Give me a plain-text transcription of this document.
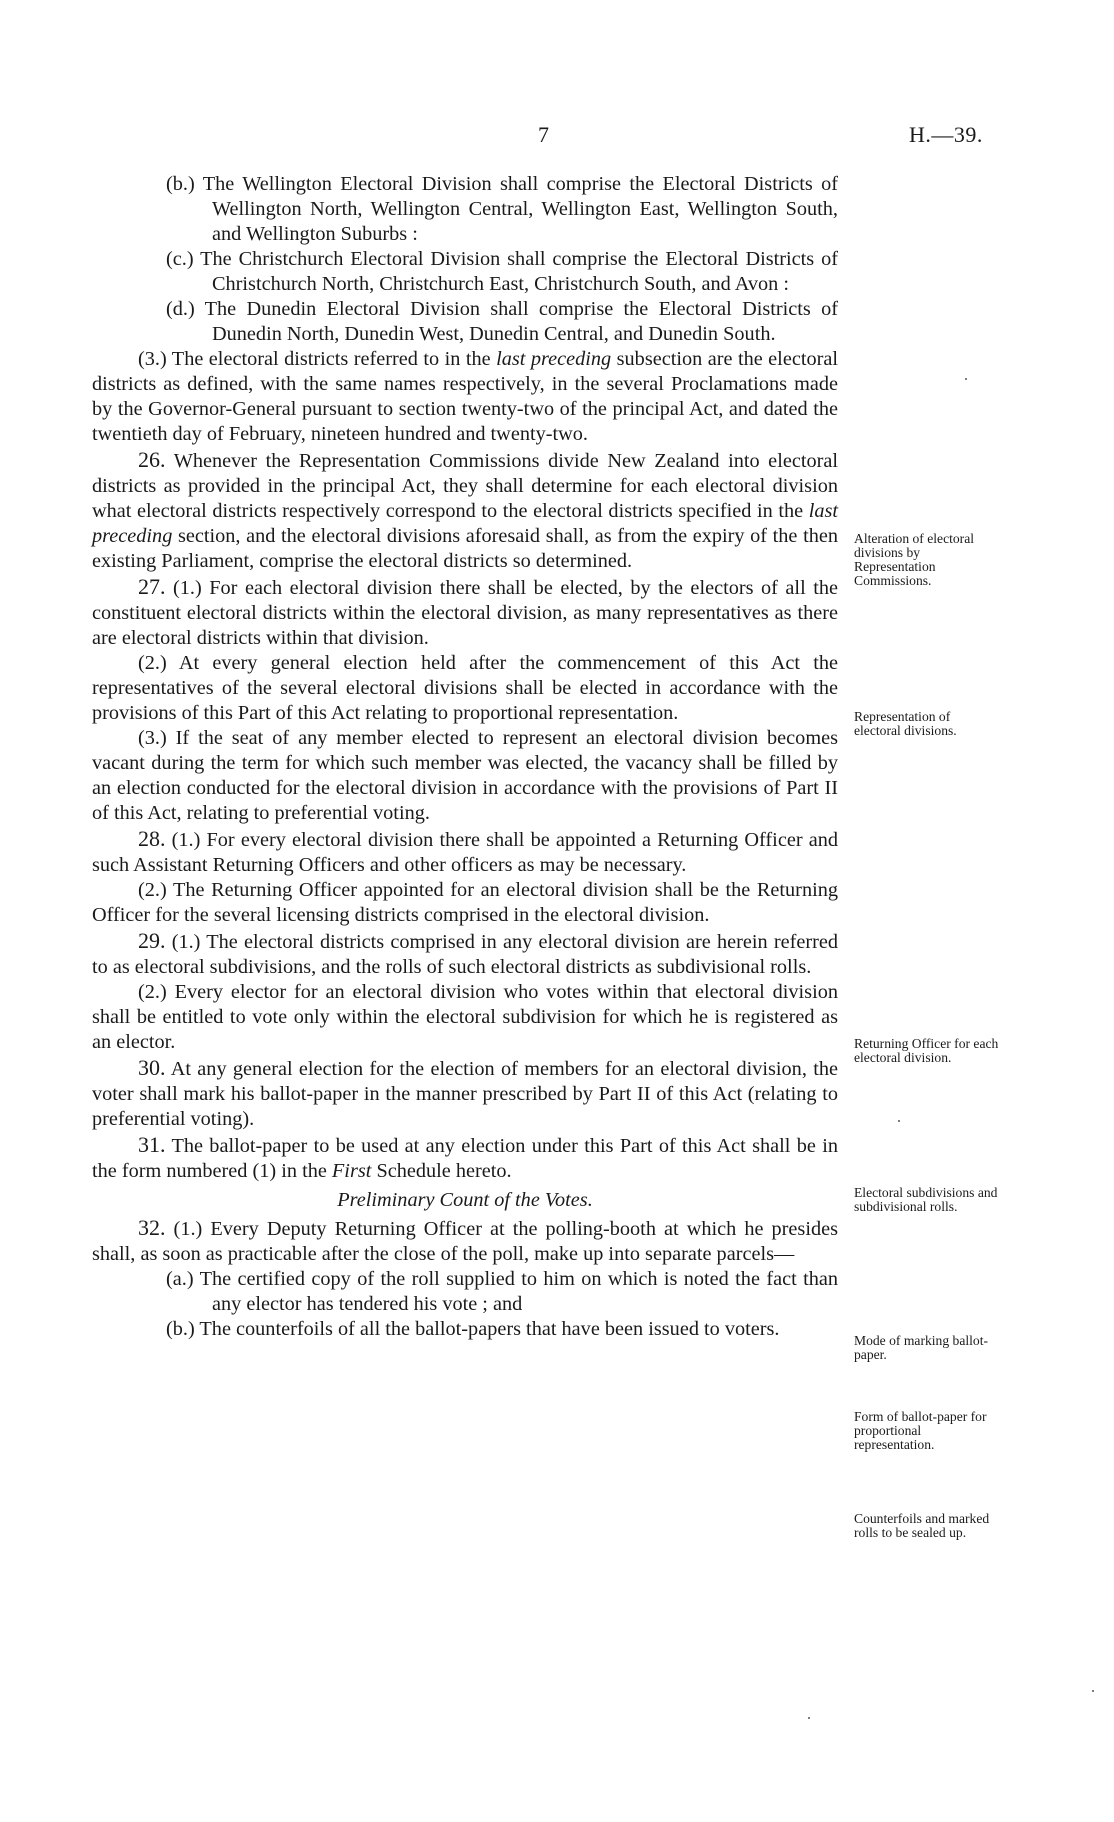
7	H.—39.

(b.) The Wellington Electoral Division shall comprise the Electoral Districts of Wellington North, Wellington Central, Wellington East, Wellington South, and Wellington Suburbs :

(c.) The Christchurch Electoral Division shall comprise the Electoral Districts of Christchurch North, Christchurch East, Christchurch South, and Avon :

(d.) The Dunedin Electoral Division shall comprise the Electoral Districts of Dunedin North, Dunedin West, Dunedin Central, and Dunedin South.

(3.) The electoral districts referred to in the last preceding subsection are the electoral districts as defined, with the same names respectively, in the several Proclamations made by the Governor-General pursuant to section twenty-two of the principal Act, and dated the twentieth day of February, nineteen hundred and twenty-two.

26. Whenever the Representation Commissions divide New Zealand into electoral districts as provided in the principal Act, they shall determine for each electoral division what electoral districts respectively correspond to the electoral districts specified in the last preceding section, and the electoral divisions aforesaid shall, as from the expiry of the then existing Parliament, comprise the electoral districts so determined.

27. (1.) For each electoral division there shall be elected, by the electors of all the constituent electoral districts within the electoral division, as many representatives as there are electoral districts within that division.

(2.) At every general election held after the commencement of this Act the representatives of the several electoral divisions shall be elected in accordance with the provisions of this Part of this Act relating to proportional representation.

(3.) If the seat of any member elected to represent an electoral division becomes vacant during the term for which such member was elected, the vacancy shall be filled by an election conducted for the electoral division in accordance with the provisions of Part II of this Act, relating to preferential voting.

28. (1.) For every electoral division there shall be appointed a Returning Officer and such Assistant Returning Officers and other officers as may be necessary.

(2.) The Returning Officer appointed for an electoral division shall be the Returning Officer for the several licensing districts comprised in the electoral division.

29. (1.) The electoral districts comprised in any electoral division are herein referred to as electoral subdivisions, and the rolls of such electoral districts as subdivisional rolls.

(2.) Every elector for an electoral division who votes within that electoral division shall be entitled to vote only within the electoral subdivision for which he is registered as an elector.

30. At any general election for the election of members for an electoral division, the voter shall mark his ballot-paper in the manner prescribed by Part II of this Act (relating to preferential voting).

31. The ballot-paper to be used at any election under this Part of this Act shall be in the form numbered (1) in the First Schedule hereto.

Preliminary Count of the Votes.

32. (1.) Every Deputy Returning Officer at the polling-booth at which he presides shall, as soon as practicable after the close of the poll, make up into separate parcels—

(a.) The certified copy of the roll supplied to him on which is noted the fact than any elector has tendered his vote ; and

(b.) The counterfoils of all the ballot-papers that have been issued to voters.

Alteration of electoral divisions by Representation Commissions.
Representation of electoral divisions.
Returning Officer for each electoral division.
Electoral subdivisions and subdivisional rolls.
Mode of marking ballot-paper.
Form of ballot-paper for proportional representation.
Counterfoils and marked rolls to be sealed up.
